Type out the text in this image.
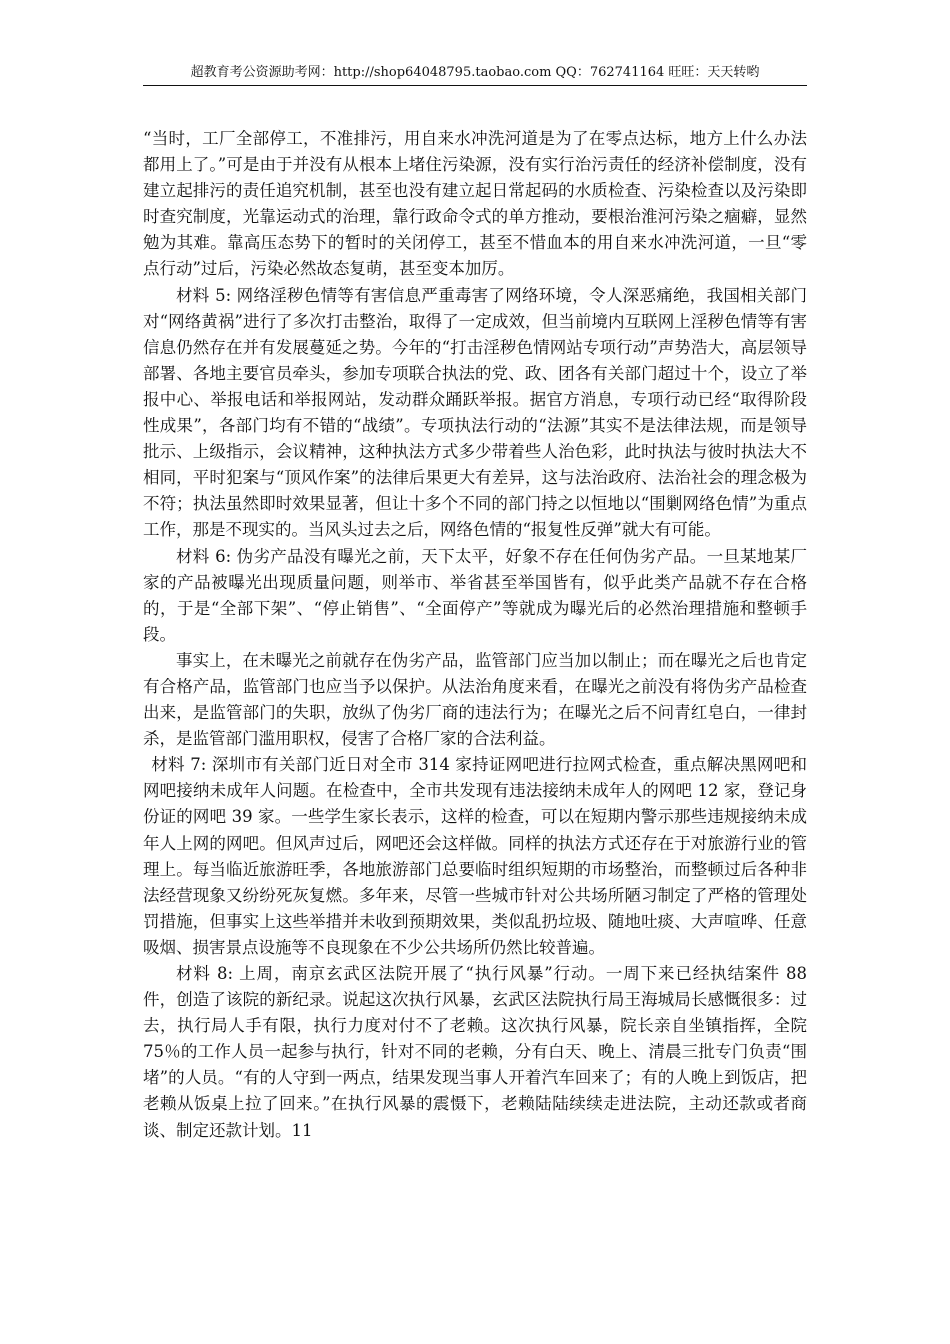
超教育考公资源助考网：http://shop64048795.taobao.com QQ：762741164 旺旺：天天转哟

“当时，工厂全部停工，不准排污，用自来水冲洗河道是为了在零点达标，地方上什么办法都用上了。”可是由于并没有从根本上堵住污染源，没有实行治污责任的经济补偿制度，没有建立起排污的责任追究机制，甚至也没有建立起日常起码的水质检查、污染检查以及污染即时查究制度，光靠运动式的治理，靠行政命令式的单方推动，要根治淮河污染之痼癖，显然勉为其难。靠高压态势下的暂时的关闭停工，甚至不惜血本的用自来水冲洗河道，一旦“零点行动”过后，污染必然故态复萌，甚至变本加厉。

材料 5: 网络淫秽色情等有害信息严重毒害了网络环境，令人深恶痛绝，我国相关部门对“网络黄祸”进行了多次打击整治，取得了一定成效，但当前境内互联网上淫秽色情等有害信息仍然存在并有发展蔓延之势。今年的“打击淫秽色情网站专项行动”声势浩大，高层领导部署、各地主要官员牵头，参加专项联合执法的党、政、团各有关部门超过十个，设立了举报中心、举报电话和举报网站，发动群众踊跃举报。据官方消息，专项行动已经“取得阶段性成果”，各部门均有不错的“战绩”。专项执法行动的“法源”其实不是法律法规，而是领导批示、上级指示，会议精神，这种执法方式多少带着些人治色彩，此时执法与彼时执法大不相同，平时犯案与“顶风作案”的法律后果更大有差异，这与法治政府、法治社会的理念极为不符；执法虽然即时效果显著，但让十多个不同的部门持之以恒地以“围剿网络色情”为重点工作，那是不现实的。当风头过去之后，网络色情的“报复性反弹”就大有可能。

材料 6: 伪劣产品没有曝光之前，天下太平，好象不存在任何伪劣产品。一旦某地某厂家的产品被曝光出现质量问题，则举市、举省甚至举国皆有，似乎此类产品就不存在合格的，于是“全部下架”、“停止销售”、“全面停产”等就成为曝光后的必然治理措施和整顿手段。

事实上，在未曝光之前就存在伪劣产品，监管部门应当加以制止；而在曝光之后也肯定有合格产品，监管部门也应当予以保护。从法治角度来看，在曝光之前没有将伪劣产品检查出来，是监管部门的失职，放纵了伪劣厂商的违法行为；在曝光之后不问青红皂白，一律封杀，是监管部门滥用职权，侵害了合格厂家的合法利益。

材料 7: 深圳市有关部门近日对全市 314 家持证网吧进行拉网式检查，重点解决黑网吧和网吧接纳未成年人问题。在检查中，全市共发现有违法接纳未成年人的网吧 12 家，登记身份证的网吧 39 家。一些学生家长表示，这样的检查，可以在短期内警示那些违规接纳未成年人上网的网吧。但风声过后，网吧还会这样做。同样的执法方式还存在于对旅游行业的管理上。每当临近旅游旺季，各地旅游部门总要临时组织短期的市场整治，而整顿过后各种非法经营现象又纷纷死灰复燃。多年来，尽管一些城市针对公共场所陋习制定了严格的管理处罚措施，但事实上这些举措并未收到预期效果，类似乱扔垃圾、随地吐痰、大声喧哗、任意吸烟、损害景点设施等不良现象在不少公共场所仍然比较普遍。

材料 8: 上周，南京玄武区法院开展了“执行风暴”行动。一周下来已经执结案件 88 件，创造了该院的新纪录。说起这次执行风暴，玄武区法院执行局王海城局长感慨很多：过去，执行局人手有限，执行力度对付不了老赖。这次执行风暴，院长亲自坐镇指挥，全院 75％的工作人员一起参与执行，针对不同的老赖，分有白天、晚上、清晨三批专门负责“围堵”的人员。“有的人守到一两点，结果发现当事人开着汽车回来了；有的人晚上到饭店，把老赖从饭桌上拉了回来。”在执行风暴的震慑下，老赖陆陆续续走进法院，主动还款或者商谈、制定还款计划。11
